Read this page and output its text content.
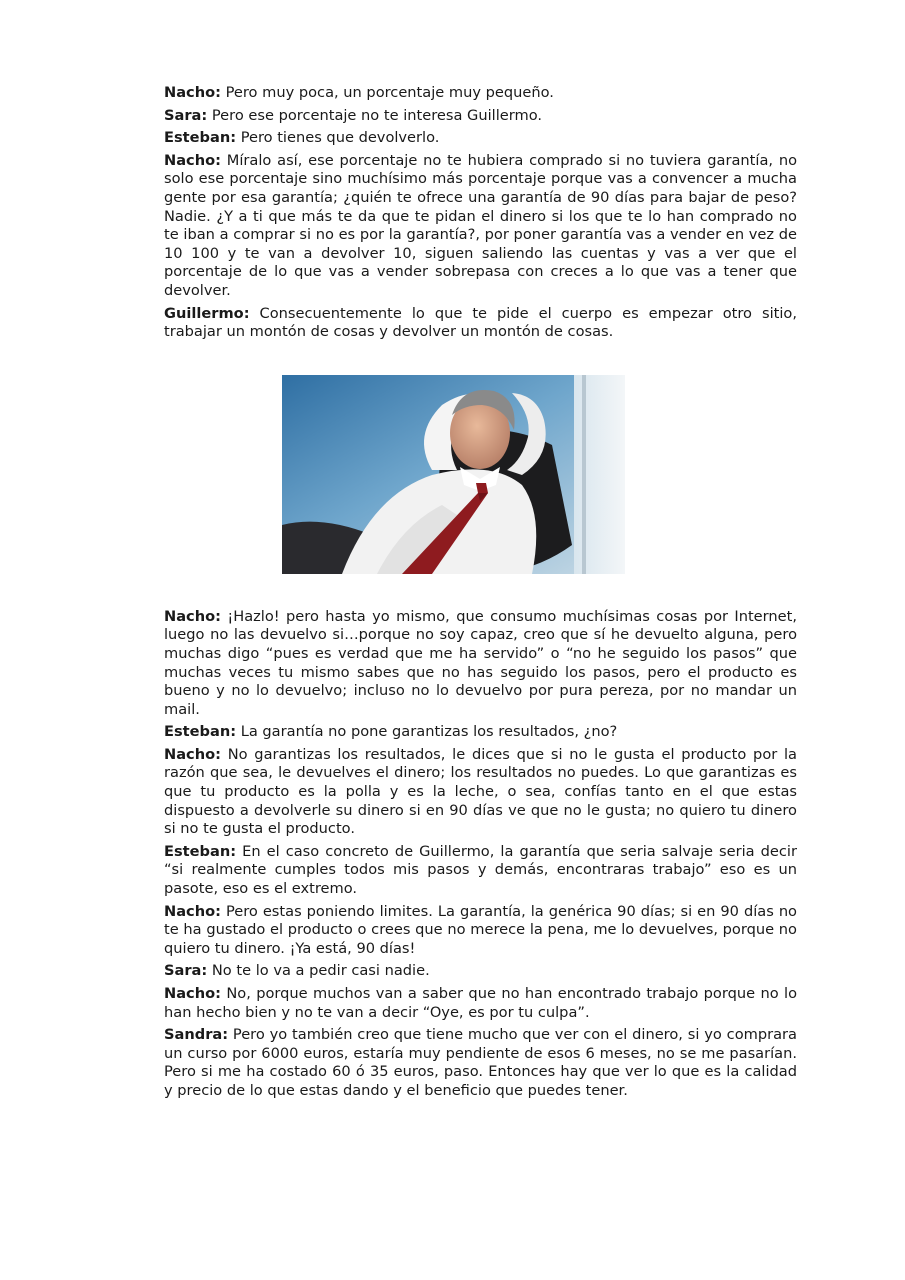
Nacho: Pero muy poca, un porcentaje muy pequeño.

Sara: Pero ese porcentaje no te interesa Guillermo.

Esteban: Pero tienes que devolverlo.

Nacho: Míralo así, ese porcentaje no te hubiera comprado si no tuviera garantía, no solo ese porcentaje sino muchísimo más porcentaje porque vas a convencer a mucha gente por esa garantía; ¿quién te ofrece una garantía de 90 días para bajar de peso? Nadie. ¿Y a ti que más te da que te pidan el dinero si los que te lo han comprado no te iban a comprar si no es por la garantía?, por poner garantía vas a vender en vez de 10 100 y te van a devolver 10, siguen saliendo las cuentas y vas a ver que el porcentaje de lo que vas a vender sobrepasa con creces a lo que vas a tener que devolver.

Guillermo: Consecuentemente lo que te pide el cuerpo es empezar otro sitio, trabajar un montón de cosas y devolver un montón de cosas.

Nacho: ¡Hazlo! pero hasta yo mismo, que consumo muchísimas cosas por Internet, luego no las devuelvo si…porque no soy capaz, creo que sí he devuelto alguna, pero muchas digo “pues es verdad que me ha servido” o “no he seguido los pasos” que muchas veces tu mismo sabes que no has seguido los pasos, pero el producto es bueno y no lo devuelvo; incluso no lo devuelvo por pura pereza, por no mandar un mail.

Esteban: La garantía no pone garantizas los resultados, ¿no?

Nacho: No garantizas los resultados, le dices que si no le gusta el producto por la razón que sea, le devuelves el dinero; los resultados no puedes. Lo que garantizas es que tu producto es la polla y es la leche, o sea, confías tanto en el que estas dispuesto a devolverle su dinero si en 90 días ve que no le gusta; no quiero tu dinero si no te gusta el producto.

Esteban: En el caso concreto de Guillermo, la garantía que seria salvaje seria decir “si realmente cumples todos mis pasos y demás, encontraras trabajo” eso es un pasote, eso es el extremo.

Nacho: Pero estas poniendo limites. La garantía, la genérica 90 días; si en 90 días no te ha gustado el producto o crees que no merece la pena, me lo devuelves, porque no quiero tu dinero. ¡Ya está, 90 días!

Sara: No te lo va a pedir casi nadie.

Nacho: No, porque muchos van a saber que no han encontrado trabajo porque no lo han hecho bien y no te van a decir “Oye, es por tu culpa”.

Sandra: Pero yo también creo que tiene mucho que ver con el dinero, si yo comprara un curso por 6000 euros, estaría muy pendiente de esos 6 meses, no se me pasarían. Pero si me ha costado 60 ó 35 euros, paso. Entonces hay que ver lo que es la calidad y precio de lo que estas dando y el beneficio que puedes tener.
